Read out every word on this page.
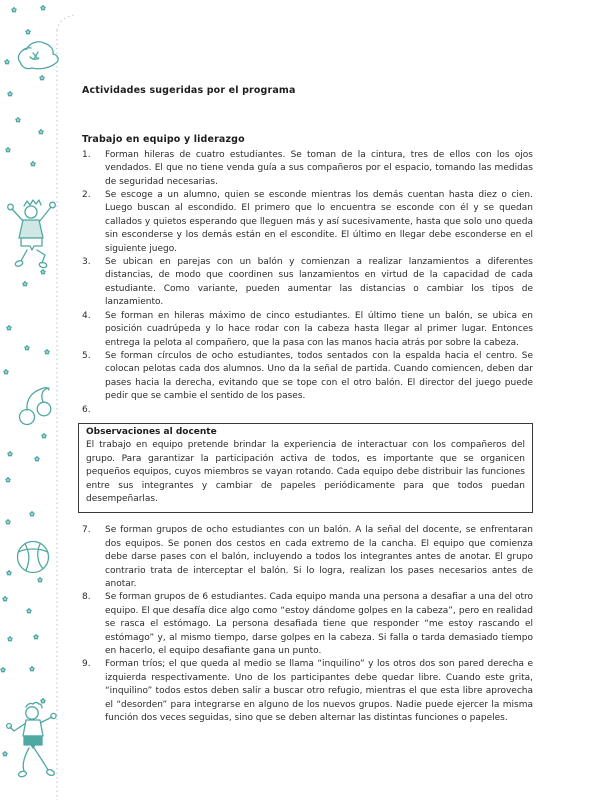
Actividades sugeridas por el programa
Trabajo en equipo y liderazgo
1.	Forman hileras de cuatro estudiantes. Se toman de la cintura, tres de ellos con los ojos vendados. El que no tiene venda guía a sus compañeros por el espacio, tomando las medidas de seguridad necesarias.
2.	Se escoge a un alumno, quien se esconde mientras los demás cuentan hasta diez o cien. Luego buscan al escondido. El primero que lo encuentra se esconde con él y se quedan callados y quietos esperando que lleguen más y así sucesivamente, hasta que solo uno queda sin esconderse y los demás están en el escondite. El último en llegar debe esconderse en el siguiente juego.
3.	Se ubican en parejas con un balón y comienzan a realizar lanzamientos a diferentes distancias, de modo que coordinen sus lanzamientos en virtud de la capacidad de cada estudiante. Como variante, pueden aumentar las distancias o cambiar los tipos de lanzamiento.
4.	Se forman en hileras máximo de cinco estudiantes. El último tiene un balón, se ubica en posición cuadrúpeda y lo hace rodar con la cabeza hasta llegar al primer lugar. Entonces entrega la pelota al compañero, que la pasa con las manos hacia atrás por sobre la cabeza.
5.	Se forman círculos de ocho estudiantes, todos sentados con la espalda hacia el centro. Se colocan pelotas cada dos alumnos. Uno da la señal de partida. Cuando comiencen, deben dar pases hacia la derecha, evitando que se tope con el otro balón. El director del juego puede pedir que se cambie el sentido de los pases.
6.
Observaciones al docente
El trabajo en equipo pretende brindar la experiencia de interactuar con los compañeros del grupo. Para garantizar la participación activa de todos, es importante que se organicen pequeños equipos, cuyos miembros se vayan rotando. Cada equipo debe distribuir las funciones entre sus integrantes y cambiar de papeles periódicamente para que todos puedan desempeñarlas.
7.	Se forman grupos de ocho estudiantes con un balón. A la señal del docente, se enfrentaran dos equipos. Se ponen dos cestos en cada extremo de la cancha. El equipo que comienza debe darse pases con el balón, incluyendo a todos los integrantes antes de anotar. El grupo contrario trata de interceptar el balón. Si lo logra, realizan los pases necesarios antes de anotar.
8.	Se forman grupos de 6 estudiantes. Cada equipo manda una persona a desafiar a una del otro equipo. El que desafía dice algo como “estoy dándome golpes en la cabeza”, pero en realidad se rasca el estómago. La persona desafiada tiene que responder “me estoy rascando el estómago” y, al mismo tiempo, darse golpes en la cabeza. Si falla o tarda demasiado tiempo en hacerlo, el equipo desafiante gana un punto.
9.	Forman tríos; el que queda al medio se llama “inquilino” y los otros dos son pared derecha e izquierda respectivamente. Uno de los participantes debe quedar libre. Cuando este grita, “inquilino” todos estos deben salir a buscar otro refugio, mientras el que esta libre aprovecha el “desorden” para integrarse en alguno de los nuevos grupos. Nadie puede ejercer la misma función dos veces seguidas, sino que se deben alternar las distintas funciones o papeles.
